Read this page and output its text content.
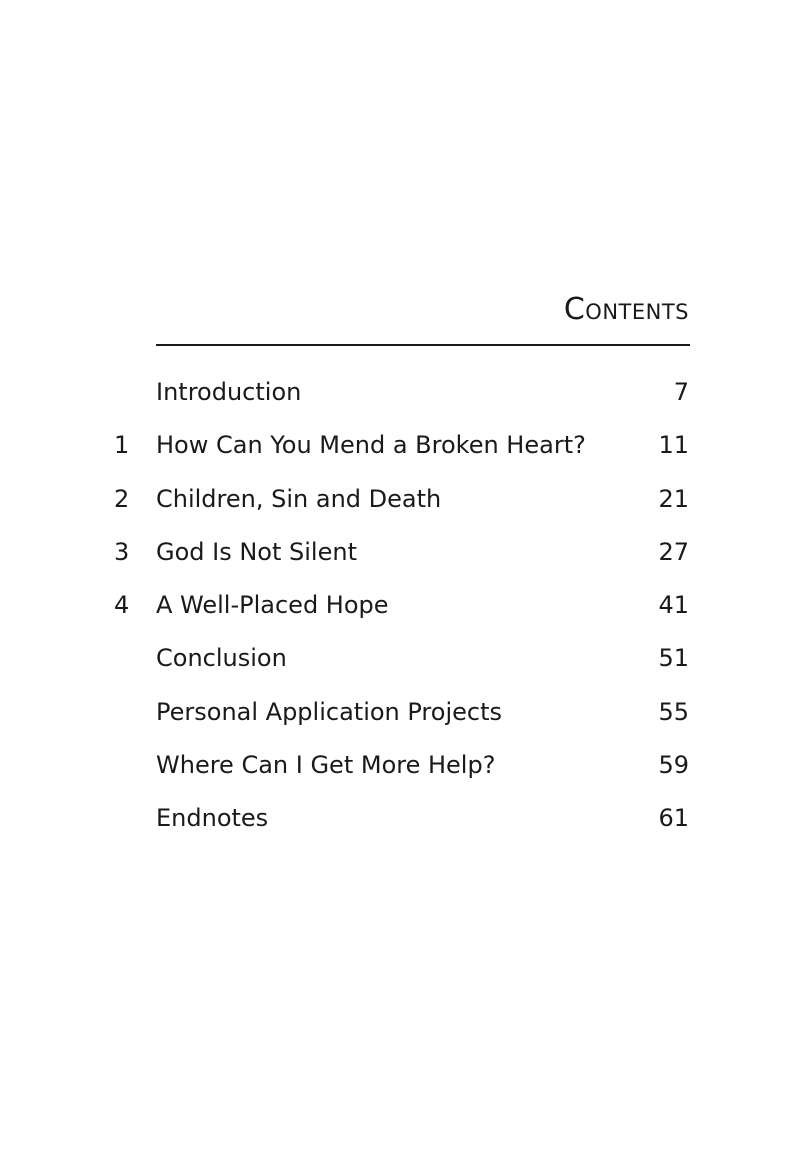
Contents
Introduction	7
1 How Can You Mend a Broken Heart?	11
2 Children, Sin and Death	21
3 God Is Not Silent	27
4 A Well-Placed Hope	41
Conclusion	51
Personal Application Projects	55
Where Can I Get More Help?	59
Endnotes	61
